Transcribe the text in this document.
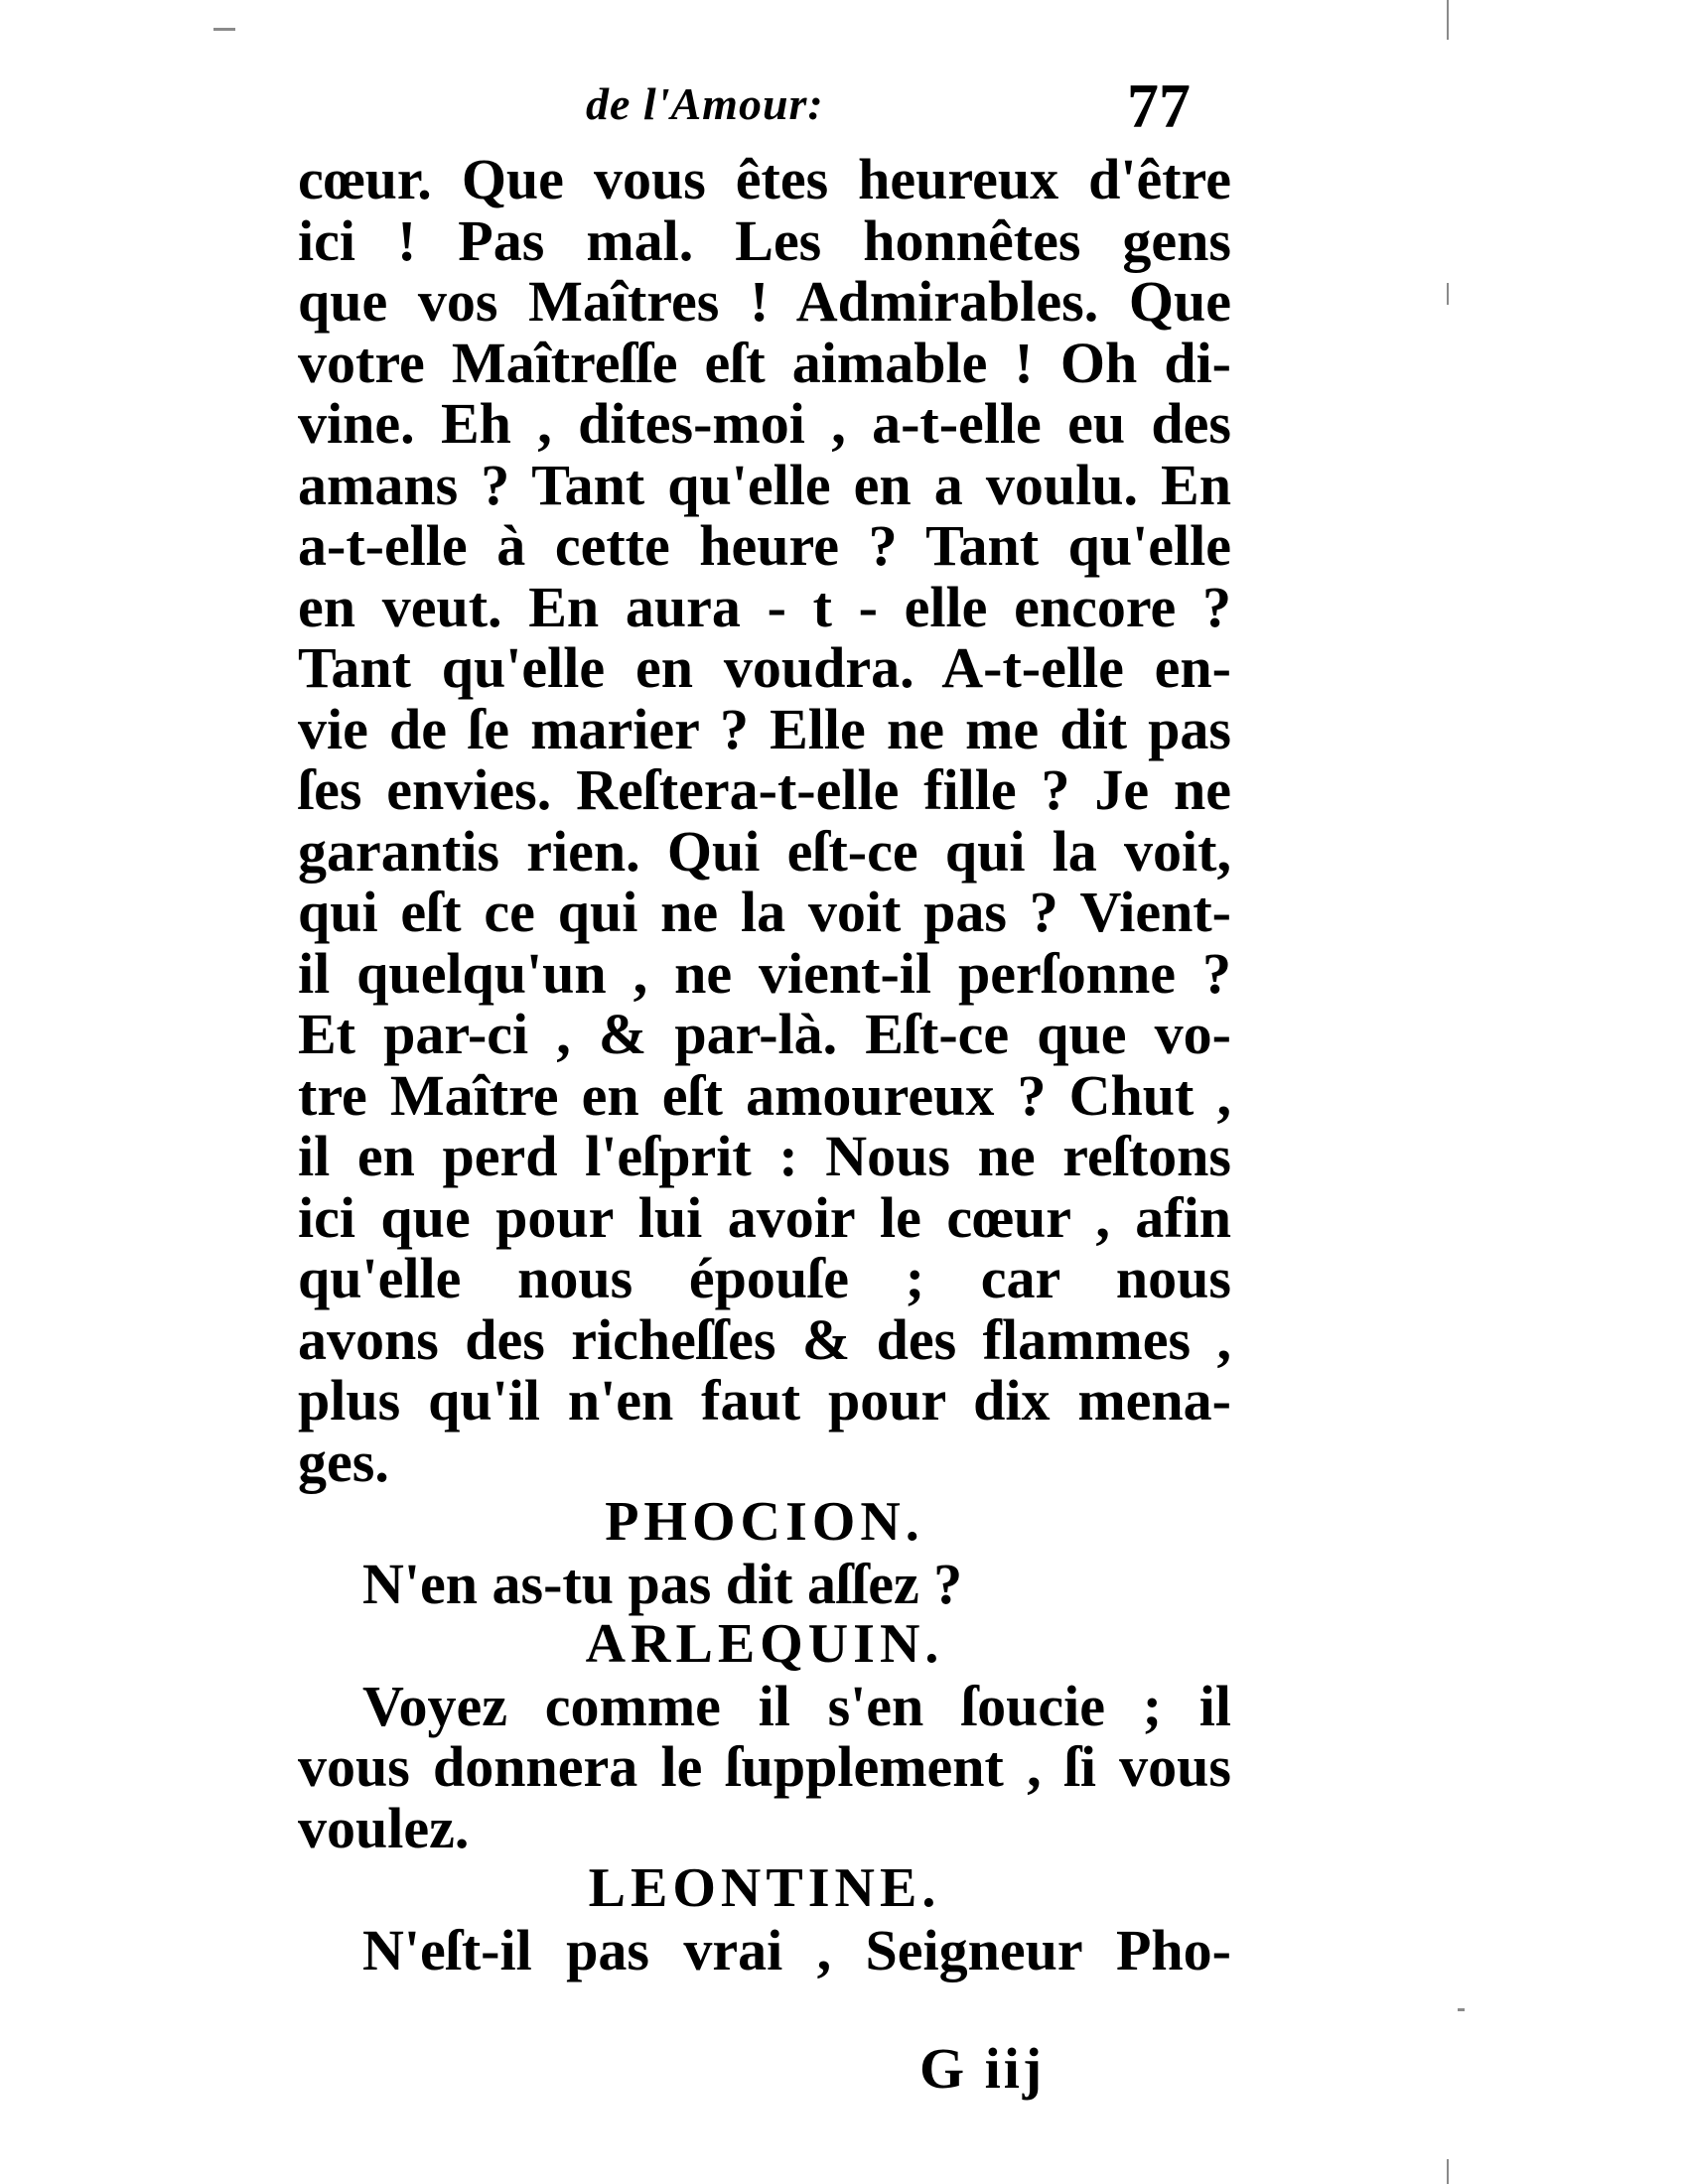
de l'Amour:	77
cœur. Que vous êtes heureux d'être
ici ! Pas mal. Les honnêtes gens
que vos Maîtres ! Admirables. Que
votre Maîtreſſe eſt aimable ! Oh di-
vine. Eh , dites-moi , a-t-elle eu des
amans ? Tant qu'elle en a voulu. En
a-t-elle à cette heure ? Tant qu'elle
en veut. En aura - t - elle encore ?
Tant qu'elle en voudra. A-t-elle en-
vie de ſe marier ? Elle ne me dit pas
ſes envies. Reſtera-t-elle fille ? Je ne
garantis rien. Qui eſt-ce qui la voit,
qui eſt ce qui ne la voit pas ? Vient-
il quelqu'un , ne vient-il perſonne ?
Et par-ci , & par-là. Eſt-ce que vo-
tre Maître en eſt amoureux ? Chut ,
il en perd l'eſprit : Nous ne reſtons
ici que pour lui avoir le cœur , afin
qu'elle nous épouſe ; car nous
avons des richeſſes & des flammes ,
plus qu'il n'en faut pour dix mena-
ges.
PHOCION.
N'en as-tu pas dit aſſez ?
ARLEQUIN.
Voyez comme il s'en ſoucie ; il
vous donnera le ſupplement , ſi vous
voulez.
LEONTINE.
N'eſt-il pas vrai , Seigneur Pho-
G iij
